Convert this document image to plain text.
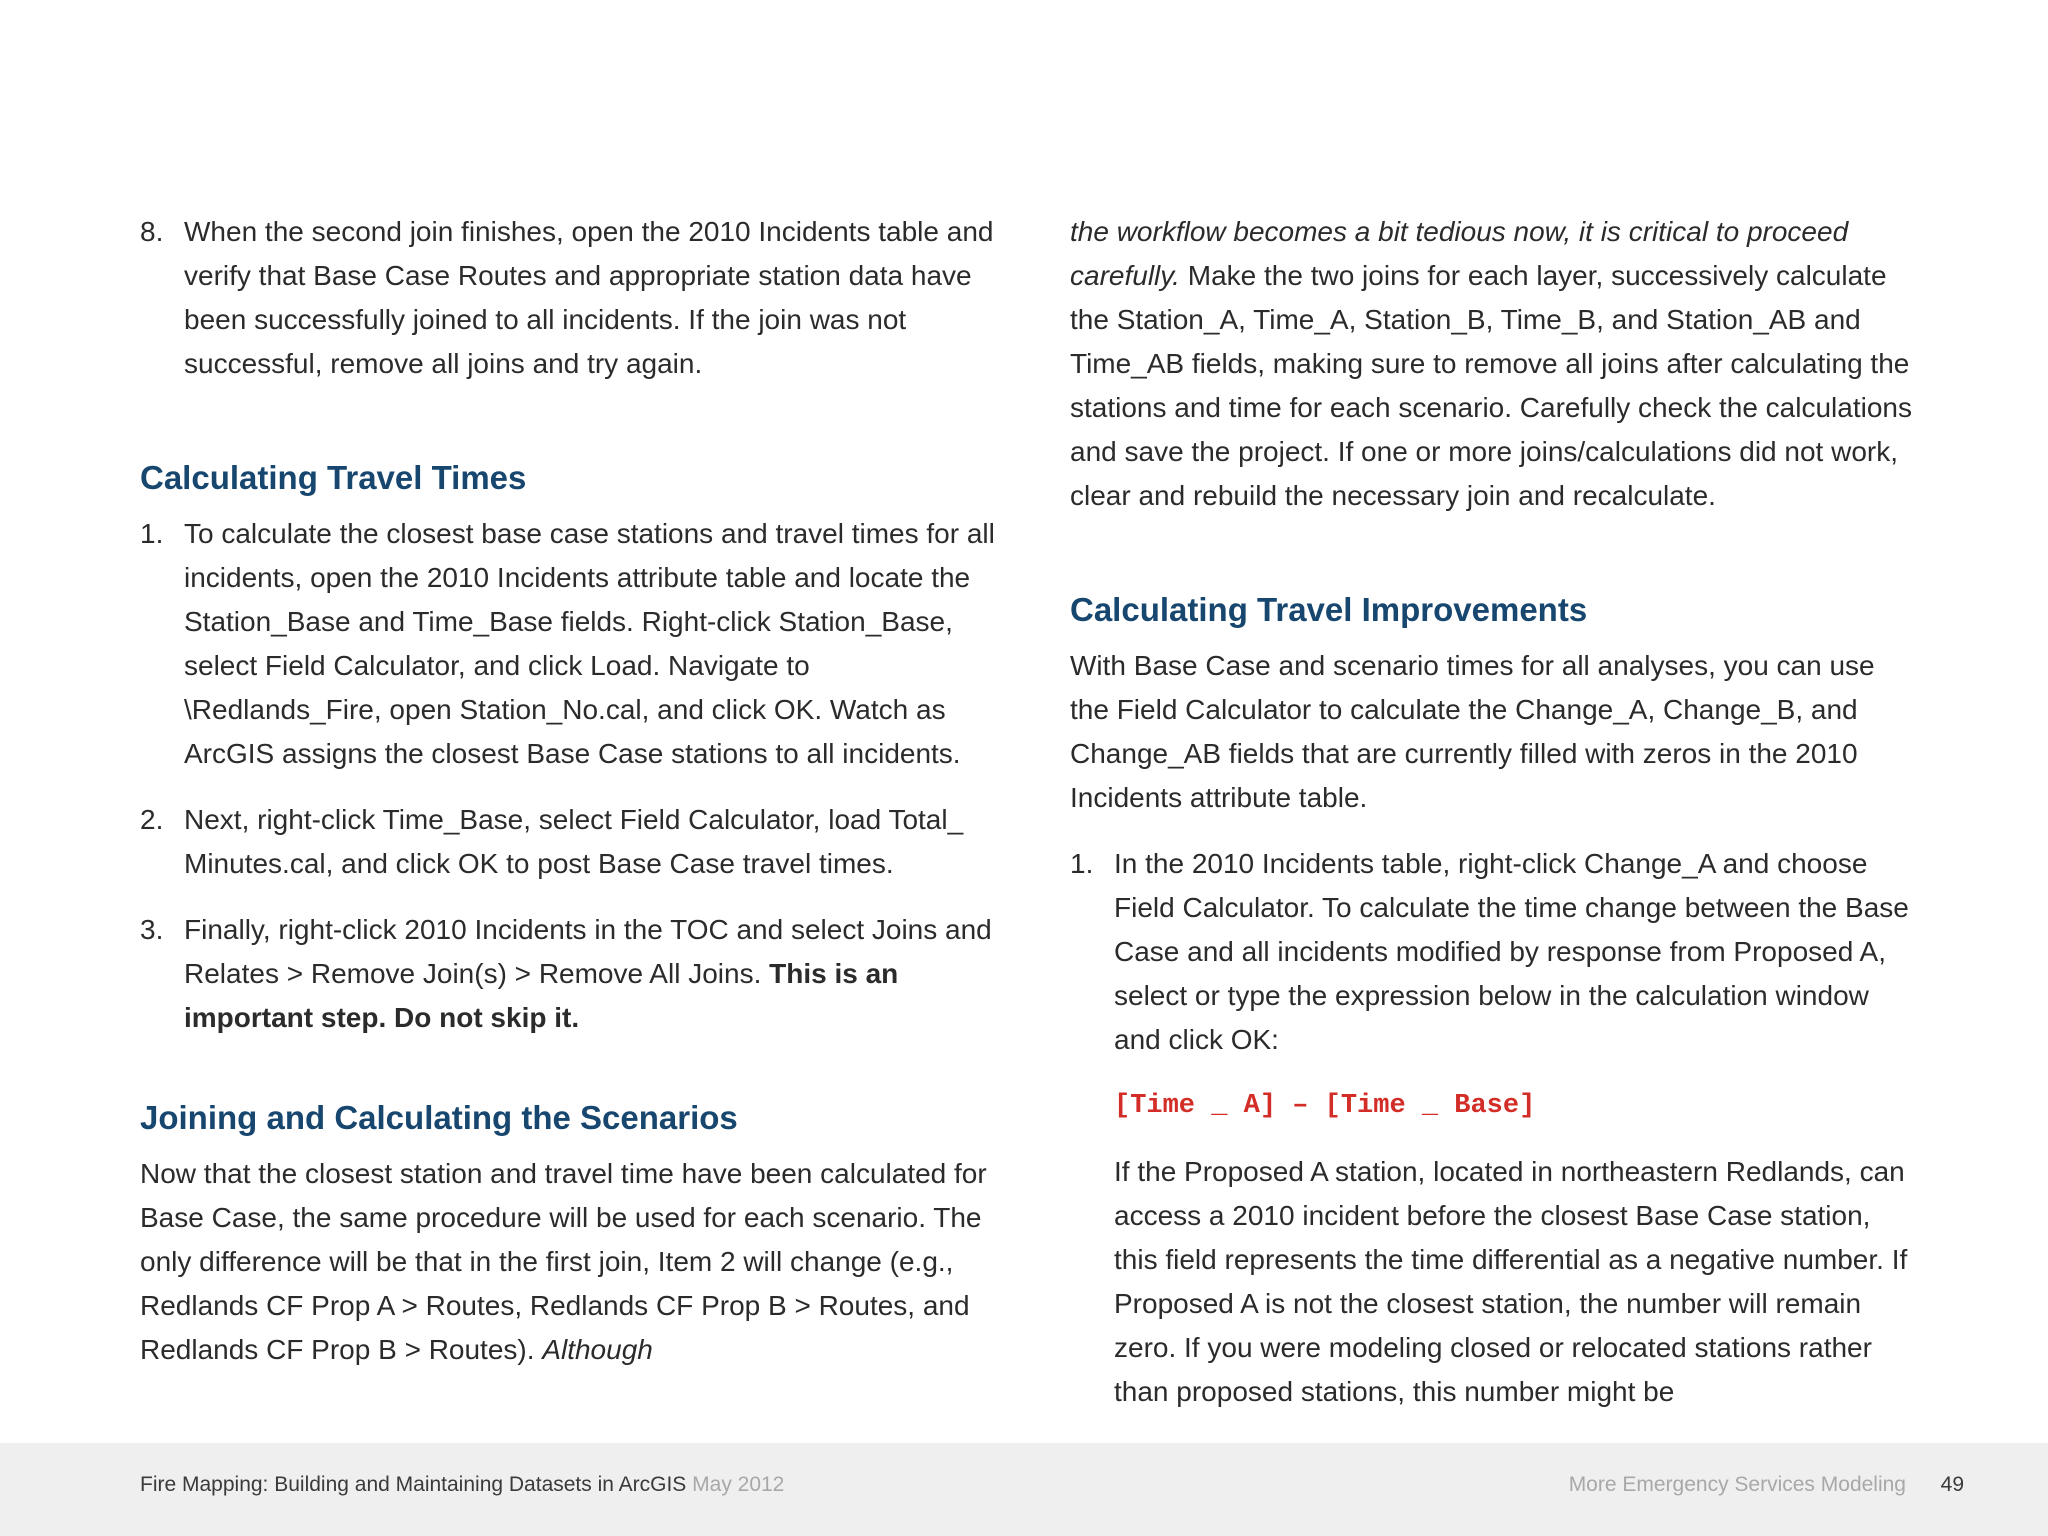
8. When the second join finishes, open the 2010 Incidents table and verify that Base Case Routes and appropriate station data have been successfully joined to all incidents. If the join was not successful, remove all joins and try again.

Calculating Travel Times

1. To calculate the closest base case stations and travel times for all incidents, open the 2010 Incidents attribute table and locate the Station_Base and Time_Base fields. Right-click Station_Base, select Field Calculator, and click Load. Navigate to \Redlands_Fire, open Station_No.cal, and click OK. Watch as ArcGIS assigns the closest Base Case stations to all incidents.

2. Next, right-click Time_Base, select Field Calculator, load Total_ Minutes.cal, and click OK to post Base Case travel times.

3. Finally, right-click 2010 Incidents in the TOC and select Joins and Relates > Remove Join(s) > Remove All Joins. This is an important step. Do not skip it.

Joining and Calculating the Scenarios

Now that the closest station and travel time have been calculated for Base Case, the same procedure will be used for each scenario. The only difference will be that in the first join, Item 2 will change (e.g., Redlands CF Prop A > Routes, Redlands CF Prop B > Routes, and Redlands CF Prop B > Routes). Although

the workflow becomes a bit tedious now, it is critical to proceed carefully. Make the two joins for each layer, successively calculate the Station_A, Time_A, Station_B, Time_B, and Station_AB and Time_AB fields, making sure to remove all joins after calculating the stations and time for each scenario. Carefully check the calculations and save the project. If one or more joins/calculations did not work, clear and rebuild the necessary join and recalculate.

Calculating Travel Improvements

With Base Case and scenario times for all analyses, you can use the Field Calculator to calculate the Change_A, Change_B, and Change_AB fields that are currently filled with zeros in the 2010 Incidents attribute table.

1. In the 2010 Incidents table, right-click Change_A and choose Field Calculator. To calculate the time change between the Base Case and all incidents modified by response from Proposed A, select or type the expression below in the calculation window and click OK:

[Time _ A] – [Time _ Base]

If the Proposed A station, located in northeastern Redlands, can access a 2010 incident before the closest Base Case station, this field represents the time differential as a negative number. If Proposed A is not the closest station, the number will remain zero. If you were modeling closed or relocated stations rather than proposed stations, this number might be

Fire Mapping: Building and Maintaining Datasets in ArcGIS May 2012	More Emergency Services Modeling 49
